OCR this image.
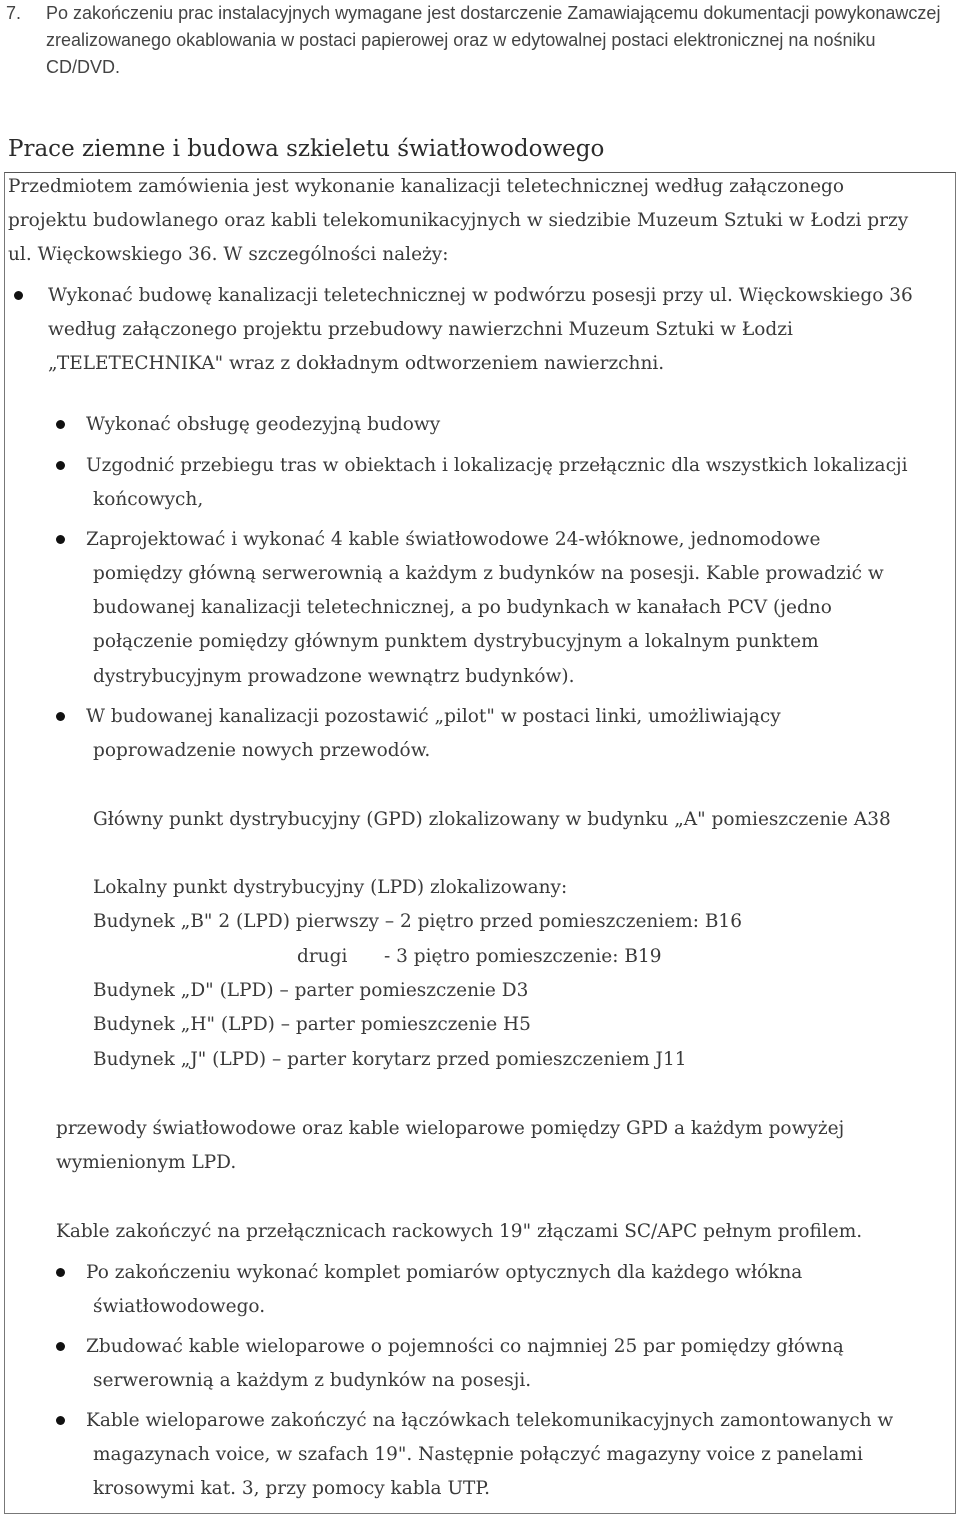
7. Po zakończeniu prac instalacyjnych wymagane jest dostarczenie Zamawiającemu dokumentacji powykonawczej zrealizowanego okablowania w postaci papierowej oraz w edytowalnej postaci elektronicznej na nośniku CD/DVD.
Prace ziemne i budowa szkieletu światłowodowego
Przedmiotem zamówienia jest wykonanie kanalizacji teletechnicznej według załączonego
projektu budowlanego oraz kabli telekomunikacyjnych w siedzibie Muzeum Sztuki w Łodzi przy
ul. Więckowskiego 36. W szczególności należy:
Wykonać budowę kanalizacji teletechnicznej w podwórzu posesji przy ul. Więckowskiego 36
według załączonego projektu przebudowy nawierzchni Muzeum Sztuki w Łodzi
„TELETECHNIKA" wraz z dokładnym odtworzeniem nawierzchni.
Wykonać obsługę geodezyjną budowy
Uzgodnić przebiegu tras w obiektach i lokalizację przełącznic dla wszystkich lokalizacji
końcowych,
Zaprojektować i wykonać 4 kable światłowodowe 24-włóknowe, jednomodowe
pomiędzy główną serwerownią a każdym z budynków na posesji. Kable prowadzić w
budowanej kanalizacji teletechnicznej, a po budynkach w kanałach PCV (jedno
połączenie pomiędzy głównym punktem dystrybucyjnym a lokalnym punktem
dystrybucyjnym prowadzone wewnątrz budynków).
W budowanej kanalizacji pozostawić „pilot" w postaci linki, umożliwiający
poprowadzenie nowych przewodów.
Główny punkt dystrybucyjny (GPD) zlokalizowany w budynku „A" pomieszczenie A38
Lokalny punkt dystrybucyjny (LPD) zlokalizowany:
Budynek „B" 2 (LPD) pierwszy – 2 piętro przed pomieszczeniem: B16
drugi - 3 piętro pomieszczenie: B19
Budynek „D" (LPD) – parter pomieszczenie D3
Budynek „H" (LPD) – parter pomieszczenie H5
Budynek „J" (LPD) – parter korytarz przed pomieszczeniem J11
przewody światłowodowe oraz kable wieloparowe pomiędzy GPD a każdym powyżej
wymienionym LPD.
Kable zakończyć na przełącznicach rackowych 19" złączami SC/APC pełnym profilem.
Po zakończeniu wykonać komplet pomiarów optycznych dla każdego włókna
światłowodowego.
Zbudować kable wieloparowe o pojemności co najmniej 25 par pomiędzy główną
serwerownią a każdym z budynków na posesji.
Kable wieloparowe zakończyć na łączówkach telekomunikacyjnych zamontowanych w
magazynach voice, w szafach 19". Następnie połączyć magazyny voice z panelami
krosowymi kat. 3, przy pomocy kabla UTP.
